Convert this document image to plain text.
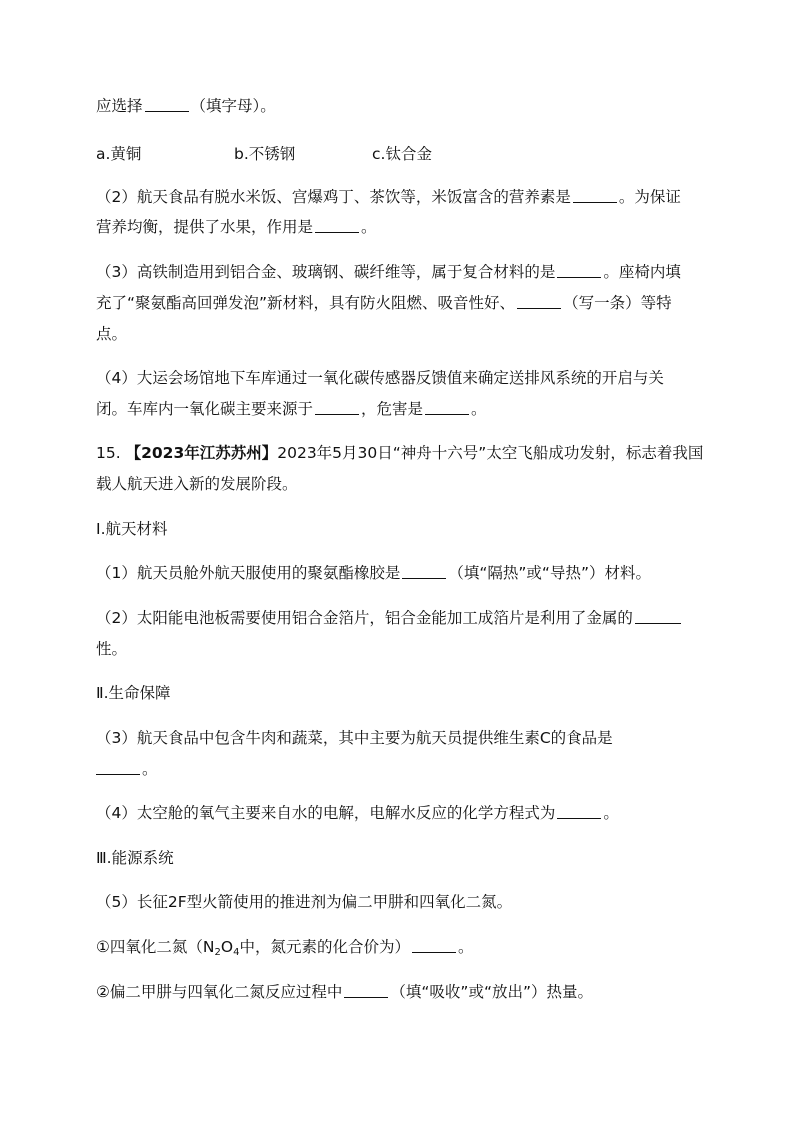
应选择	（填字母）。
a.黄铜	b.不锈钢	c.钛合金
（2）航天食品有脱水米饭、宫爆鸡丁、茶饮等，米饭富含的营养素是	。为保证
营养均衡，提供了水果，作用是	。
（3）高铁制造用到铝合金、玻璃钢、碳纤维等，属于复合材料的是	。座椅内填
充了“聚氨酯高回弹发泡”新材料，具有防火阻燃、吸音性好、	（写一条）等特
点。
（4）大运会场馆地下车库通过一氧化碳传感器反馈值来确定送排风系统的开启与关
闭。车库内一氧化碳主要来源于	，危害是	。
15. 【2023年江苏苏州】2023年5月30日“神舟十六号”太空飞船成功发射，标志着我国
载人航天进入新的发展阶段。
Ⅰ.航天材料
（1）航天员舱外航天服使用的聚氨酯橡胶是	（填“隔热”或“导热”）材料。
（2）太阳能电池板需要使用铝合金箔片，铝合金能加工成箔片是利用了金属的
性。
Ⅱ.生命保障
（3）航天食品中包含牛肉和蔬菜，其中主要为航天员提供维生素C的食品是
。
（4）太空舱的氧气主要来自水的电解，电解水反应的化学方程式为	。
Ⅲ.能源系统
（5）长征2F型火箭使用的推进剂为偏二甲肼和四氧化二氮。
①四氧化二氮（$N_2O_4$中，氮元素的化合价为）	。
②偏二甲肼与四氧化二氮反应过程中	（填“吸收”或“放出”）热量。
